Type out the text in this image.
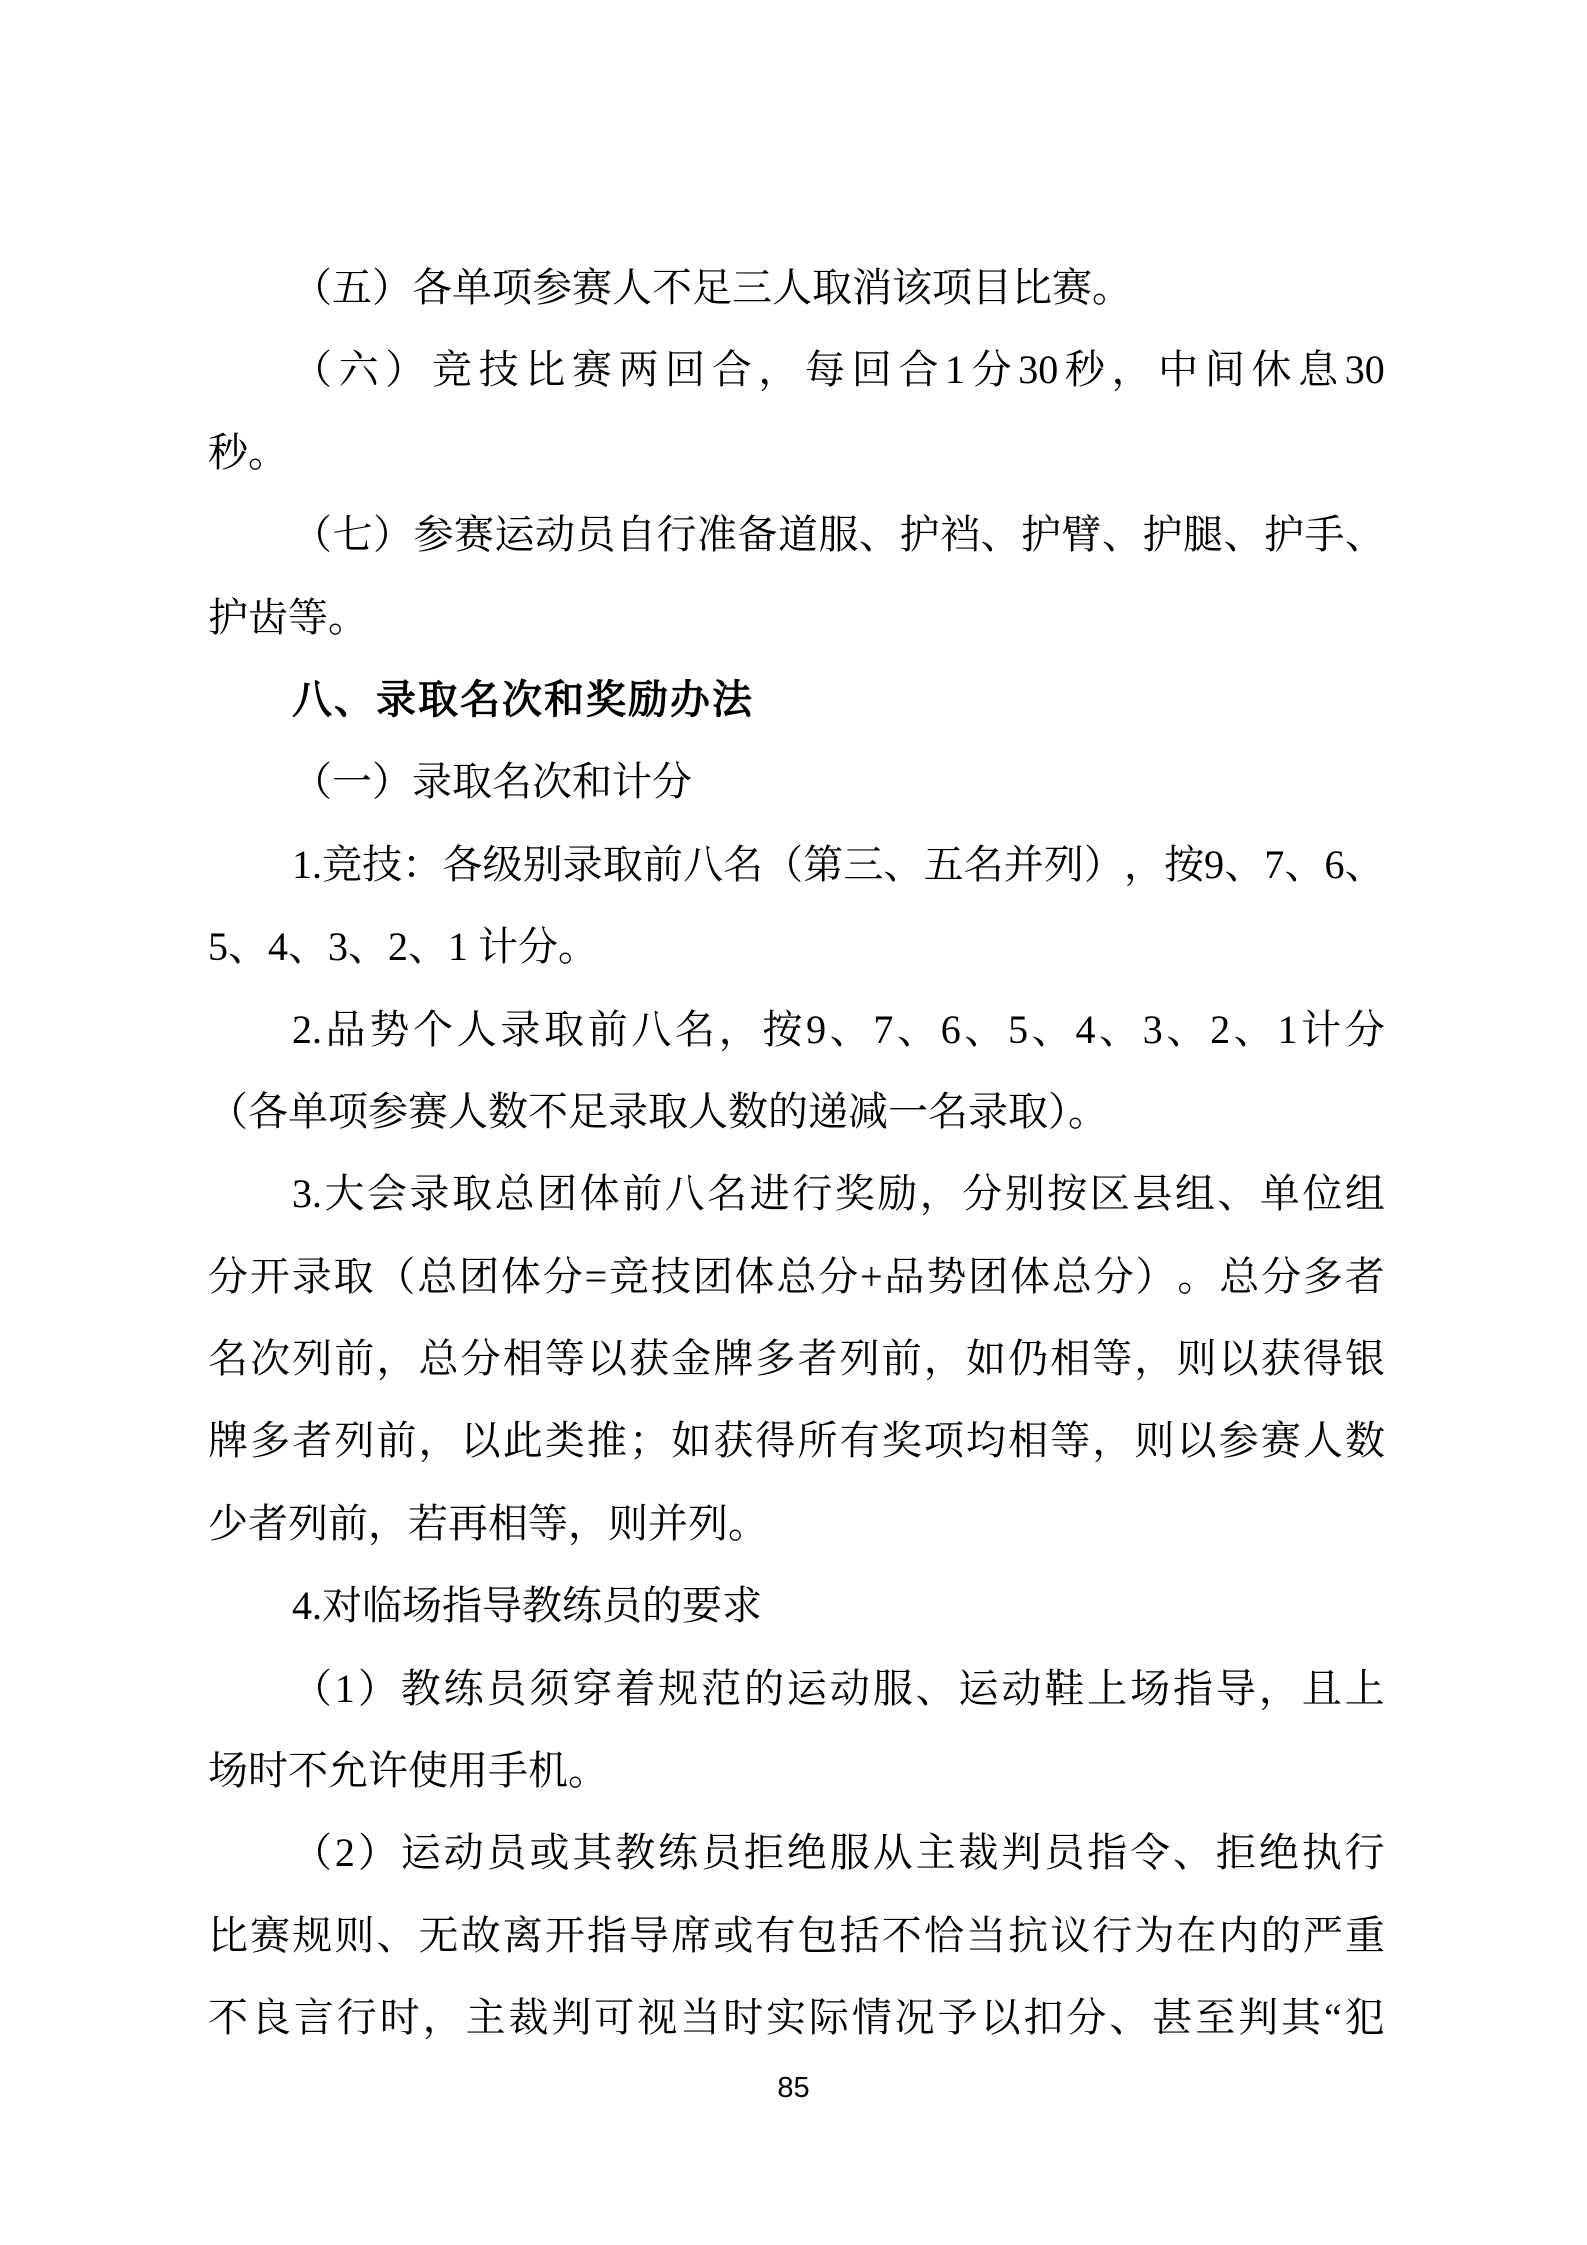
（五）各单项参赛人不足三人取消该项目比赛。
（ 六 ） 竞 技 比 赛 两 回 合 ， 每 回 合 1 分 30 秒 ， 中 间 休 息 30
秒。
（ 七 ） 参 赛 运 动 员 自 行 准 备 道 服 、 护 裆 、 护 臂 、 护 腿 、 护 手 、
护齿等。
八、录取名次和奖励办法
（一）录取名次和计分
1. 竞 技 ： 各 级 别 录 取 前 八 名 （ 第 三 、 五 名 并 列 ） ， 按 9 、 7 、 6 、
5、4、3、2、1 计分。
2. 品 势 个 人 录 取 前 八 名 ， 按 9 、 7 、 6 、 5 、 4 、 3 、 2 、 1 计 分
（各单项参赛人数不足录取人数的递减一名录取）。
3. 大 会 录 取 总 团 体 前 八 名 进 行 奖 励 ， 分 别 按 区 县 组 、 单 位 组
分 开 录 取 （ 总 团 体 分 = 竞 技 团 体 总 分 + 品 势 团 体 总 分 ） 。 总 分 多 者
名 次 列 前 ， 总 分 相 等 以 获 金 牌 多 者 列 前 ， 如 仍 相 等 ， 则 以 获 得 银
牌 多 者 列 前 ， 以 此 类 推 ； 如 获 得 所 有 奖 项 均 相 等 ， 则 以 参 赛 人 数
少者列前，若再相等，则并列。
4.对临场指导教练员的要求
（ 1 ） 教 练 员 须 穿 着 规 范 的 运 动 服 、 运 动 鞋 上 场 指 导 ， 且 上
场时不允许使用手机。
（ 2 ） 运 动 员 或 其 教 练 员 拒 绝 服 从 主 裁 判 员 指 令 、 拒 绝 执 行
比 赛 规 则 、 无 故 离 开 指 导 席 或 有 包 括 不 恰 当 抗 议 行 为 在 内 的 严 重
不 良 言 行 时 ， 主 裁 判 可 视 当 时 实 际 情 况 予 以 扣 分 、 甚 至 判 其 “ 犯
85
